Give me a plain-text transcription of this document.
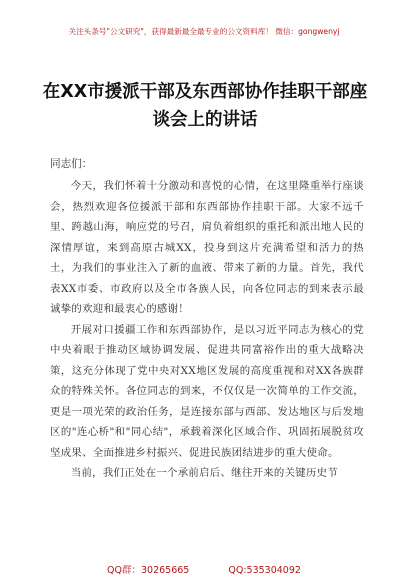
关注头条号"公文研究"，获得最新最全最专业的公文资料库！ 微信：gongwenyj
在XX市援派干部及东西部协作挂职干部座谈会上的讲话
同志们：

今天，我们怀着十分激动和喜悦的心情，在这里隆重举行座谈会，热烈欢迎各位援派干部和东西部协作挂职干部。大家不远千里、跨越山海，响应党的号召，肩负着组织的重托和派出地人民的深情厚谊，来到高原古城XX，投身到这片充满希望和活力的热土，为我们的事业注入了新的血液、带来了新的力量。首先，我代表XX市委、市政府以及全市各族人民，向各位同志的到来表示最诚挚的欢迎和最衷心的感谢！

开展对口援疆工作和东西部协作，是以习近平同志为核心的党中央着眼于推动区域协调发展、促进共同富裕作出的重大战略决策，这充分体现了党中央对XX地区发展的高度重视和对XX各族群众的特殊关怀。各位同志的到来，不仅仅是一次简单的工作交流，更是一项光荣的政治任务，是连接东部与西部、发达地区与后发地区的"连心桥"和"同心结"，承载着深化区域合作、巩固拓展脱贫攻坚成果、全面推进乡村振兴、促进民族团结进步的重大使命。

当前，我们正处在一个承前启后、继往开来的关键历史节

QQ群：30265665	QQ:535304092
